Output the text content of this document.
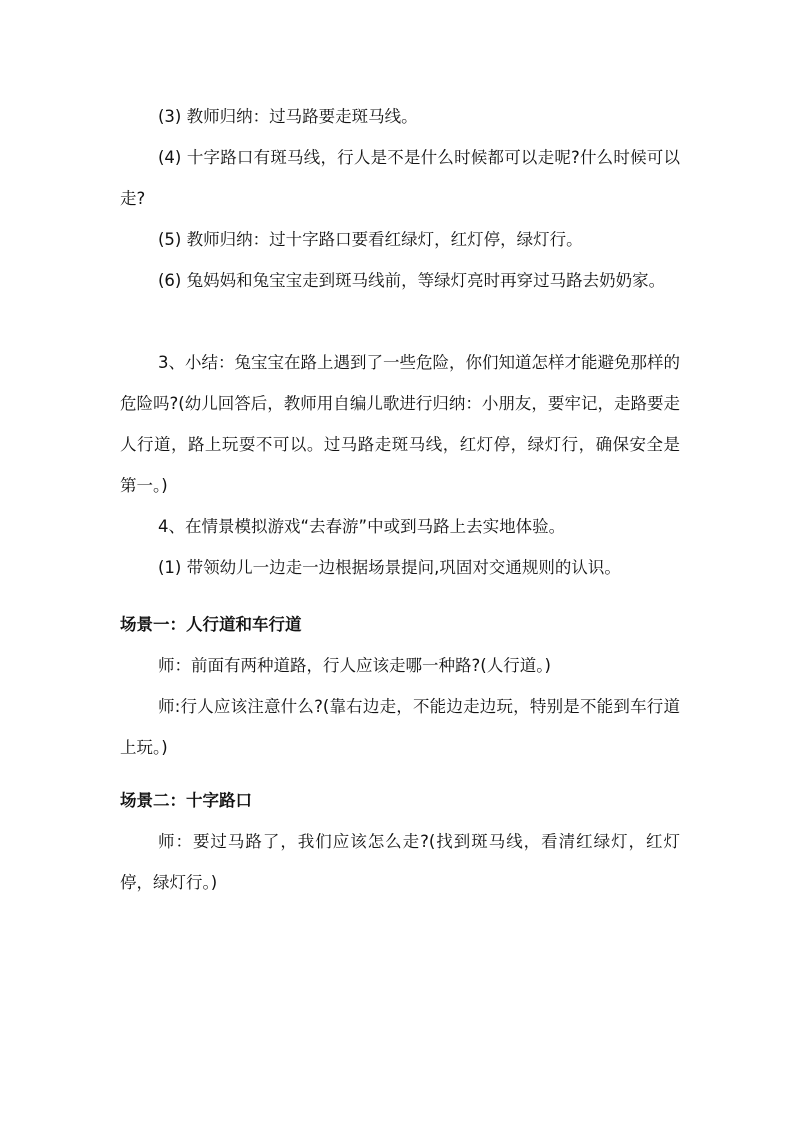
(3) 教师归纳：过马路要走斑马线。

(4) 十字路口有斑马线，行人是不是什么时候都可以走呢?什么时候可以走?

(5) 教师归纳：过十字路口要看红绿灯，红灯停，绿灯行。

(6) 兔妈妈和兔宝宝走到斑马线前，等绿灯亮时再穿过马路去奶奶家。

3、小结：兔宝宝在路上遇到了一些危险，你们知道怎样才能避免那样的危险吗?(幼儿回答后，教师用自编儿歌进行归纳：小朋友，要牢记，走路要走人行道，路上玩耍不可以。过马路走斑马线，红灯停，绿灯行，确保安全是第一。)

4、在情景模拟游戏“去春游”中或到马路上去实地体验。

(1) 带领幼儿一边走一边根据场景提问,巩固对交通规则的认识。

场景一：人行道和车行道

师：前面有两种道路，行人应该走哪一种路?(人行道。)

师:行人应该注意什么?(靠右边走，不能边走边玩，特别是不能到车行道上玩。)

场景二：十字路口

师：要过马路了，我们应该怎么走?(找到斑马线，看清红绿灯，红灯停，绿灯行。)
